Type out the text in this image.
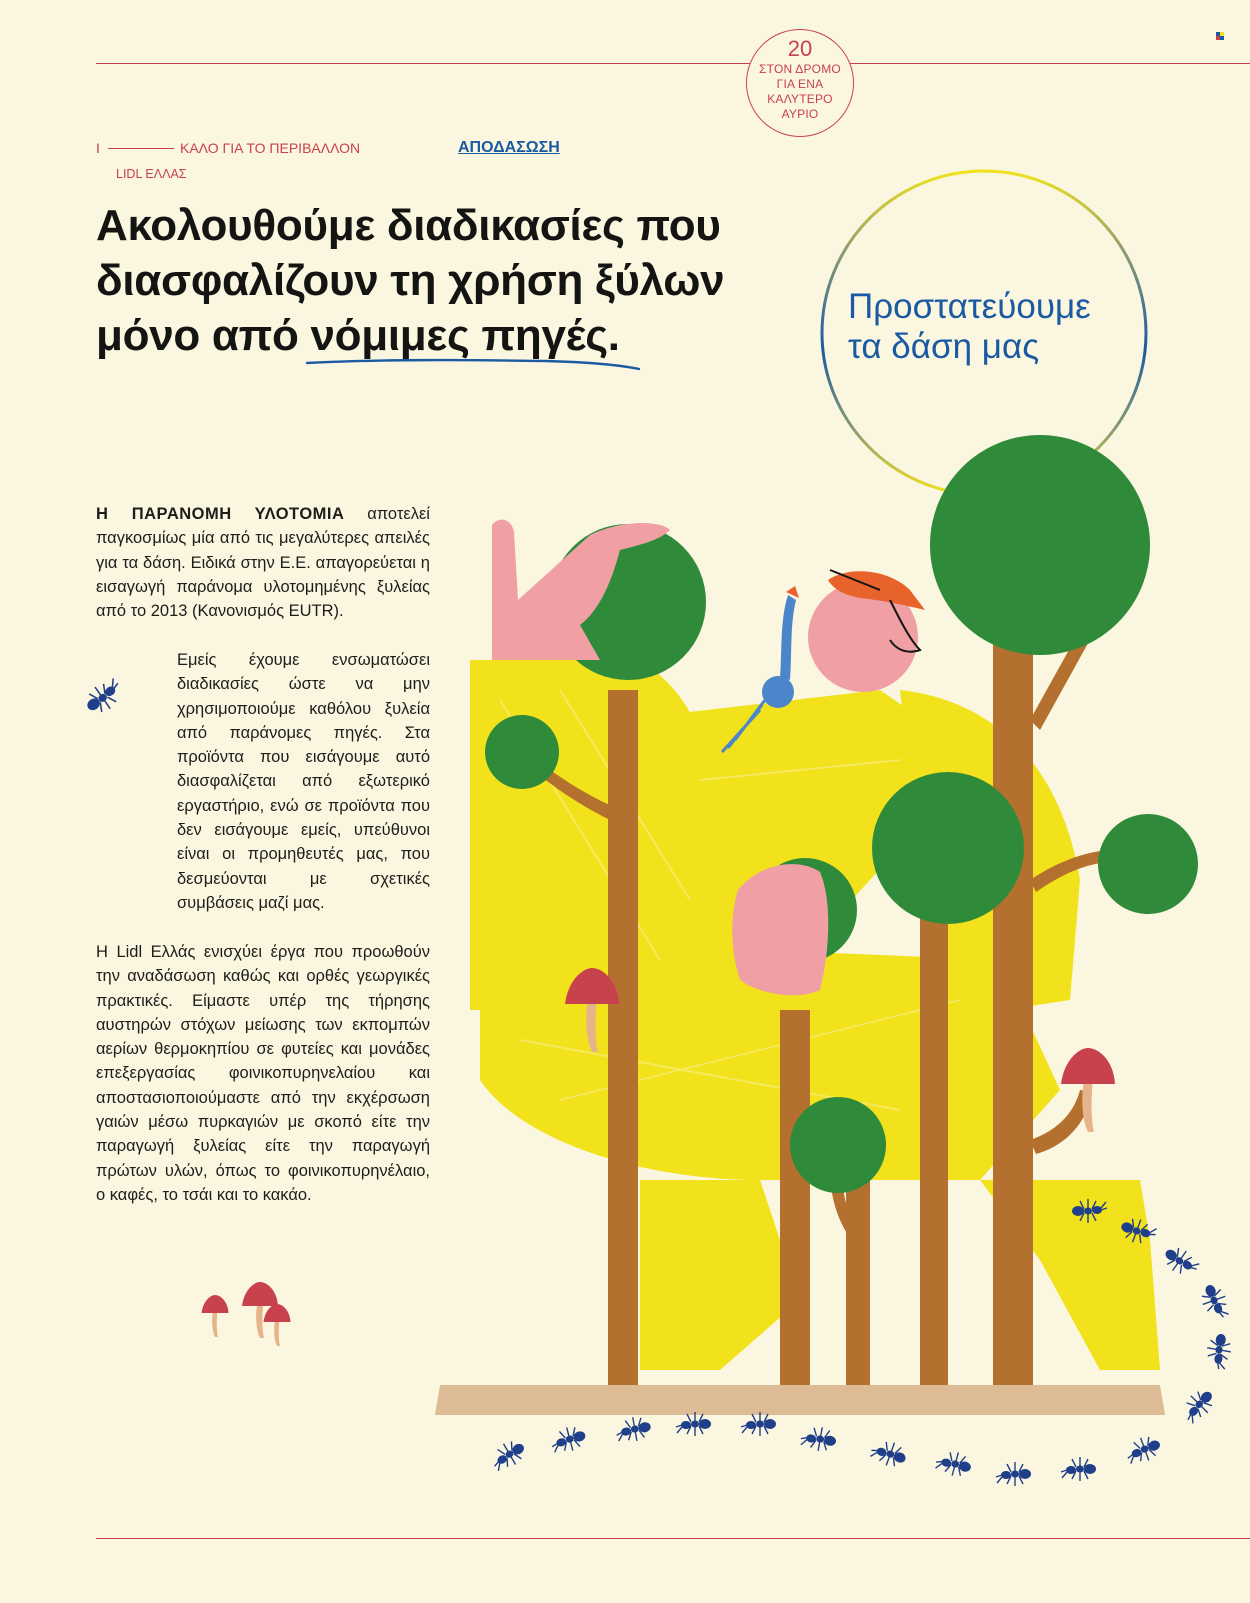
20
ΣΤΟΝ ΔΡΟΜΟ
ΓΙΑ ΕΝΑ
ΚΑΛΥΤΕΡΟ
ΑΥΡΙΟ
I	ΚΑΛΟ ΓΙΑ ΤΟ ΠΕΡΙΒΑΛΛΟΝ
LIDL ΕΛΛΑΣ
ΑΠΟΔΑΣΩΣΗ
Ακολουθούμε διαδικασίες που διασφαλίζουν τη χρήση ξύλων μόνο από νόμιμες πηγές
.
Προστατεύουμε
τα δάση μας

Η ΠΑΡΑΝΟΜΗ ΥΛΟΤΟΜΙΑ αποτελεί παγκοσμίως μία από τις μεγαλύτερες απειλές για τα δάση. Ειδικά στην Ε.Ε. απαγορεύεται η εισαγωγή παράνομα υλοτομημένης ξυλείας από το 2013 (Κανονισμός EUTR).

Εμείς έχουμε ενσωματώσει διαδικασίες ώστε να μην χρησιμοποιούμε καθόλου ξυλεία από παράνομες πηγές. Στα προϊόντα που εισάγουμε αυτό διασφαλίζεται από εξωτερικό εργαστήριο, ενώ σε προϊόντα που δεν εισάγουμε εμείς, υπεύθυνοι είναι οι προμηθευτές μας, που δεσμεύονται με σχετικές συμβάσεις μαζί μας.

Η Lidl Ελλάς ενισχύει έργα που προωθούν την αναδάσωση καθώς και ορθές γεωργικές πρακτικές. Είμαστε υπέρ της τήρησης αυστηρών στόχων μείωσης των εκπομπών αερίων θερμοκηπίου σε φυτείες και μονάδες επεξεργασίας φοινικοπυρηνελαίου και αποστασιοποιούμαστε από την εκχέρσωση γαιών μέσω πυρκαγιών με σκοπό είτε την παραγωγή ξυλείας είτε την παραγωγή πρώτων υλών, όπως το φοινικοπυρηνέλαιο, ο καφές, το τσάι και το κακάο.
